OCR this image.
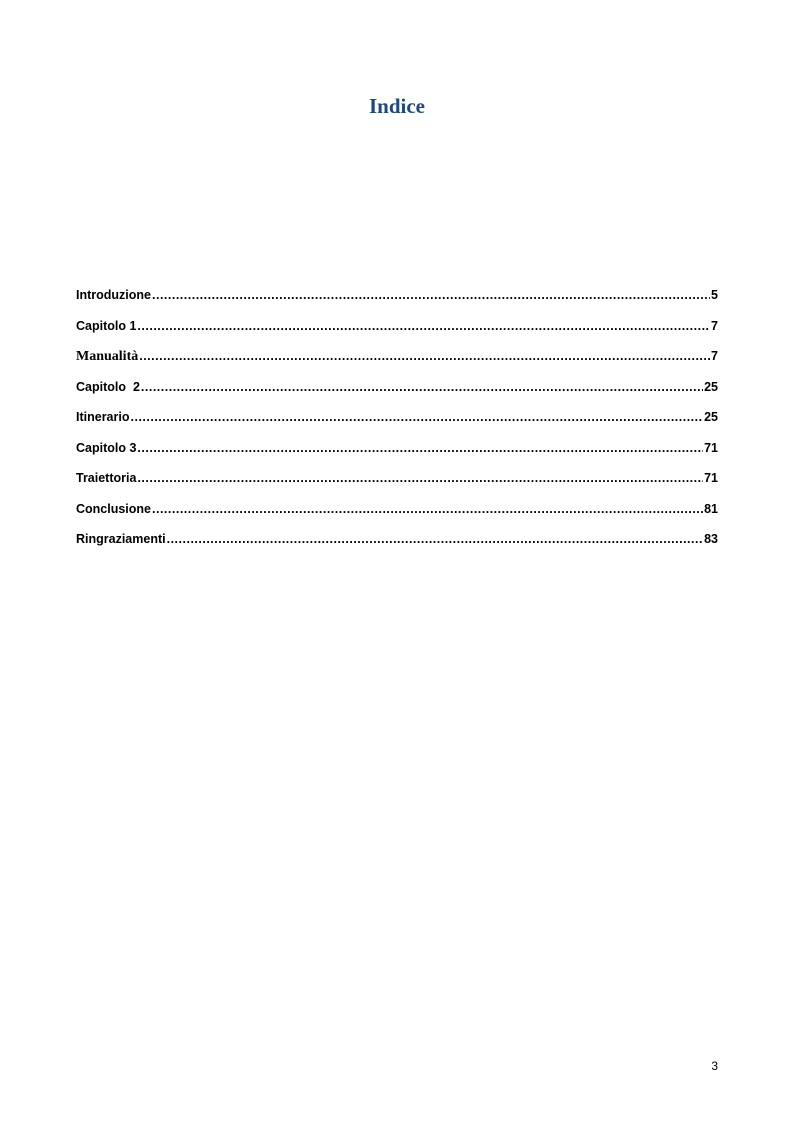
Indice
Introduzione .....	5
Capitolo 1 .....	7
Manualità .....	7
Capitolo  2 .....	25
Itinerario .....	25
Capitolo 3 .....	71
Traiettoria .....	71
Conclusione .....	81
Ringraziamenti .....	83
3
